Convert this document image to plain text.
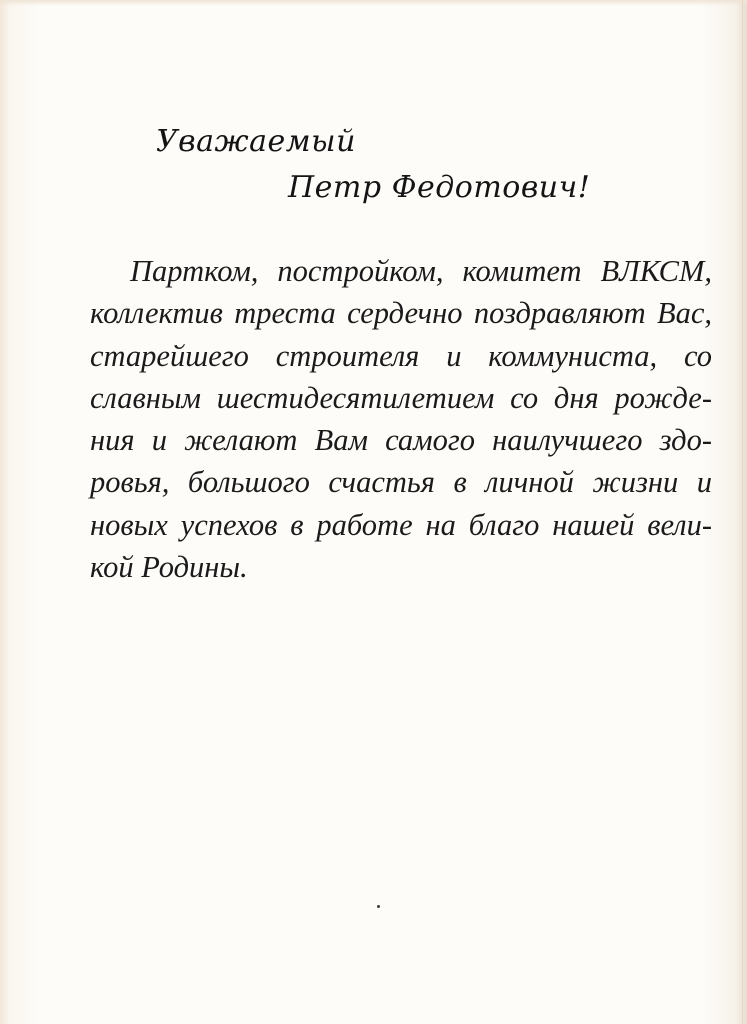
Уважаемый
Петр Федотович!
Партком, постройком, комитет ВЛКСМ,
коллектив треста сердечно поздравляют Вас,
старейшего строителя и коммуниста, со
славным шестидесятилетием со дня рожде-
ния и желают Вам самого наилучшего здо-
ровья, большого счастья в личной жизни и
новых успехов в работе на благо нашей вели-
кой Родины.
